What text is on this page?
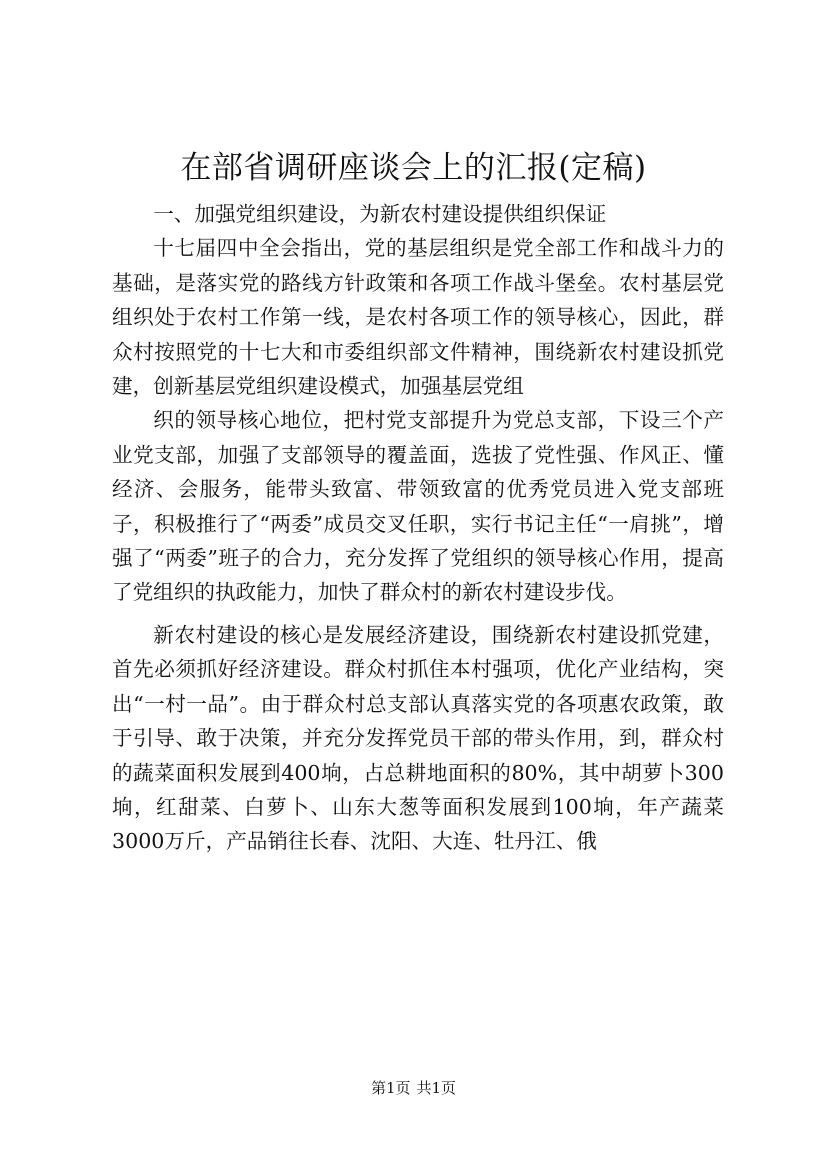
在部省调研座谈会上的汇报(定稿)

一、加强党组织建设，为新农村建设提供组织保证

十七届四中全会指出，党的基层组织是党全部工作和战斗力的基础，是落实党的路线方针政策和各项工作战斗堡垒。农村基层党组织处于农村工作第一线，是农村各项工作的领导核心，因此，群众村按照党的十七大和市委组织部文件精神，围绕新农村建设抓党建，创新基层党组织建设模式，加强基层党组

织的领导核心地位，把村党支部提升为党总支部，下设三个产业党支部，加强了支部领导的覆盖面，选拔了党性强、作风正、懂经济、会服务，能带头致富、带领致富的优秀党员进入党支部班子，积极推行了“两委”成员交叉任职，实行书记主任“一肩挑”，增强了“两委”班子的合力，充分发挥了党组织的领导核心作用，提高了党组织的执政能力，加快了群众村的新农村建设步伐。

新农村建设的核心是发展经济建设，围绕新农村建设抓党建，首先必须抓好经济建设。群众村抓住本村强项，优化产业结构，突出“一村一品”。由于群众村总支部认真落实党的各项惠农政策，敢于引导、敢于决策，并充分发挥党员干部的带头作用，到，群众村的蔬菜面积发展到400垧，占总耕地面积的80%，其中胡萝卜300垧，红甜菜、白萝卜、山东大葱等面积发展到100垧，年产蔬菜3000万斤，产品销往长春、沈阳、大连、牡丹江、俄

第1页 共1页
